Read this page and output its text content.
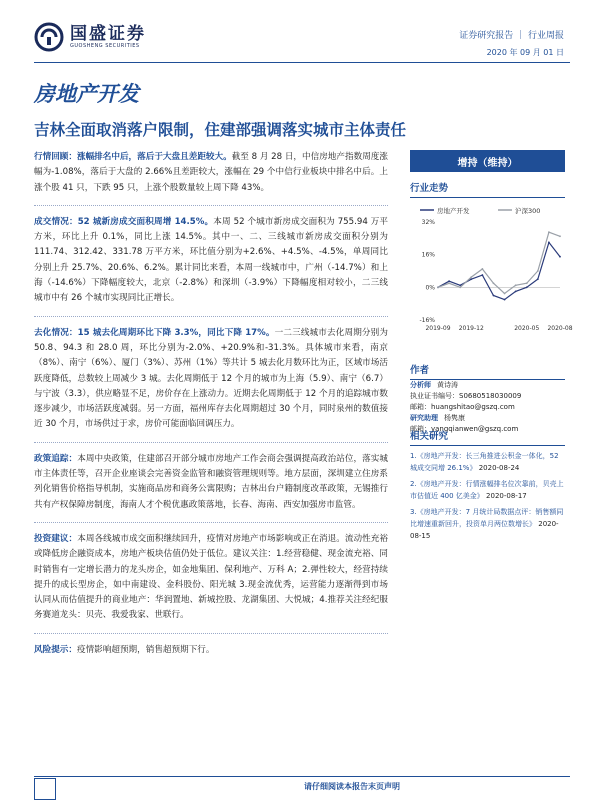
国盛证券
GUOSHENG SECURITIES
证券研究报告 ｜ 行业周报
2020 年 09 月 01 日
房地产开发
吉林全面取消落户限制，住建部强调落实城市主体责任

行情回顾：涨幅排名中后，落后于大盘且差距较大。截至 8 月 28 日，中信房地产指数周度涨幅为-1.08%，落后于大盘的 2.66%且差距较大，涨幅在 29 个中信行业板块中排名中后。上涨个股 41 只，下跌 95 只，上涨个股数量较上周下降 43%。

成交情况：52 城新房成交面积周增 14.5%。本周 52 个城市新房成交面积为 755.94 万平方米，环比上升 0.1%，同比上涨 14.5%。其中一、二、三线城市新房成交面积分别为 111.74、312.42、331.78 万平方米，环比值分别为+2.6%、+4.5%、-4.5%，单周同比分别上升 25.7%、20.6%、6.2%。累计同比来看，本周一线城市中，广州（-14.7%）和上海（-14.6%）下降幅度较大，北京（-2.8%）和深圳（-3.9%）下降幅度相对较小，二三线城市中有 26 个城市实现同比正增长。

去化情况：15 城去化周期环比下降 3.3%，同比下降 17%。一二三线城市去化周期分别为 50.8、94.3 和 28.0 周，环比分别为-2.0%、+20.9%和-31.3%。具体城市来看，南京（8%）、南宁（6%）、厦门（3%）、苏州（1%）等共计 5 城去化月数环比为正，区域市场活跃度降低，总数较上周减少 3 城。去化周期低于 12 个月的城市为上海（5.9）、南宁（6.7）与宁波（3.3），供应略显不足，房价存在上涨动力。近期去化周期低于 12 个月的追踪城市数逐步减少，市场活跃度减弱。另一方面，福州库存去化周期超过 30 个月，同时泉州的数值接近 30 个月，市场供过于求，房价可能面临回调压力。

政策追踪：本周中央政策，住建部召开部分城市房地产工作会商会强调提高政治站位，落实城市主体责任等，召开企业座谈会完善资金监管和融资管理规则等。地方层面，深圳建立住房系列化销售价格指导机制，实施商品房和商务公寓限购；吉林出台户籍制度改革政策，无锡推行共有产权保障房制度，海南人才个税优惠政策落地，长春、海南、西安加强房市监管。

投资建议：本周各线城市成交面积继续回升，疫情对房地产市场影响或正在消退。流动性充裕或降低房企融资成本，房地产板块估值仍处于低位。建议关注：1.经营稳健、现金流充裕、同时销售有一定增长潜力的龙头房企，如金地集团、保利地产、万科 A；2.弹性较大，经营持续提升的成长型房企，如中南建设、金科股份、阳光城 3.现金流优秀，运营能力逐渐得到市场认同从而估值提升的商业地产：华润置地、新城控股、龙湖集团、大悦城；4.推荐关注经纪服务赛道龙头：贝壳、我爱我家、世联行。

风险提示：疫情影响超预期，销售超预期下行。

增持（维持）
行业走势
房地产开发	沪深300
32%
16%
0%
-16%
2019-09 2019-12	2020-05 2020-08
作者
分析师 黄诗涛
执业证书编号：S0680518030009
邮箱：huangshitao@gszq.com
研究助理 杨隽康
邮箱：yangqianwen@gszq.com
相关研究
1.《房地产开发：长三角推进公积金一体化，52 城成交同增 26.1%》 2020-08-24
2.《房地产开发：行情涨幅排名位次靠前，贝壳上市估值近 400 亿美金》 2020-08-17
3.《房地产开发：7 月统计局数据点评：销售额同比增速重新回升，投资单月两位数增长》 2020-08-15
请仔细阅读本报告末页声明
